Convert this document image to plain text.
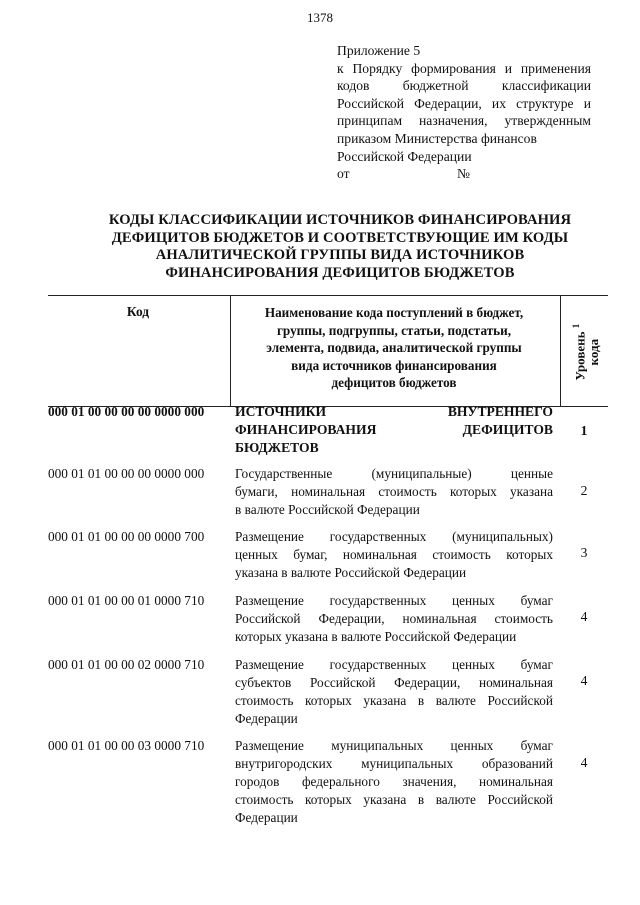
1378
Приложение 5
к Порядку формирования и применения
кодов бюджетной классификации
Российской Федерации, их структуре и
принципам назначения, утвержденным
приказом Министерства финансов
Российской Федерации
от	№
КОДЫ КЛАССИФИКАЦИИ ИСТОЧНИКОВ ФИНАНСИРОВАНИЯ
ДЕФИЦИТОВ БЮДЖЕТОВ И СООТВЕТСТВУЮЩИЕ ИМ КОДЫ
АНАЛИТИЧЕСКОЙ ГРУППЫ ВИДА ИСТОЧНИКОВ
ФИНАНСИРОВАНИЯ ДЕФИЦИТОВ БЮДЖЕТОВ
Код	Наименование кода поступлений в бюджет,
группы, подгруппы, статьи, подстатьи,
элемента, подвида, аналитической группы
вида источников финансирования
дефицитов бюджетов
Уровень $^1$
кода
000 01 00 00 00 00 0000 000	ИСТОЧНИКИ ВНУТРЕННЕГО
ФИНАНСИРОВАНИЯ ДЕФИЦИТОВ
БЮДЖЕТОВ
1
000 01 01 00 00 00 0000 000	Государственные (муниципальные) ценные
бумаги, номинальная стоимость которых указана
в валюте Российской Федерации
2
000 01 01 00 00 00 0000 700	Размещение государственных (муниципальных)
ценных бумаг, номинальная стоимость которых
указана в валюте Российской Федерации
3
000 01 01 00 00 01 0000 710	Размещение государственных ценных бумаг
Российской Федерации, номинальная стоимость
которых указана в валюте Российской Федерации
4
000 01 01 00 00 02 0000 710	Размещение государственных ценных бумаг
субъектов Российской Федерации, номинальная
стоимость которых указана в валюте Российской
Федерации
4
000 01 01 00 00 03 0000 710	Размещение муниципальных ценных бумаг
внутригородских муниципальных образований
городов федерального значения, номинальная
стоимость которых указана в валюте Российской
Федерации
4
